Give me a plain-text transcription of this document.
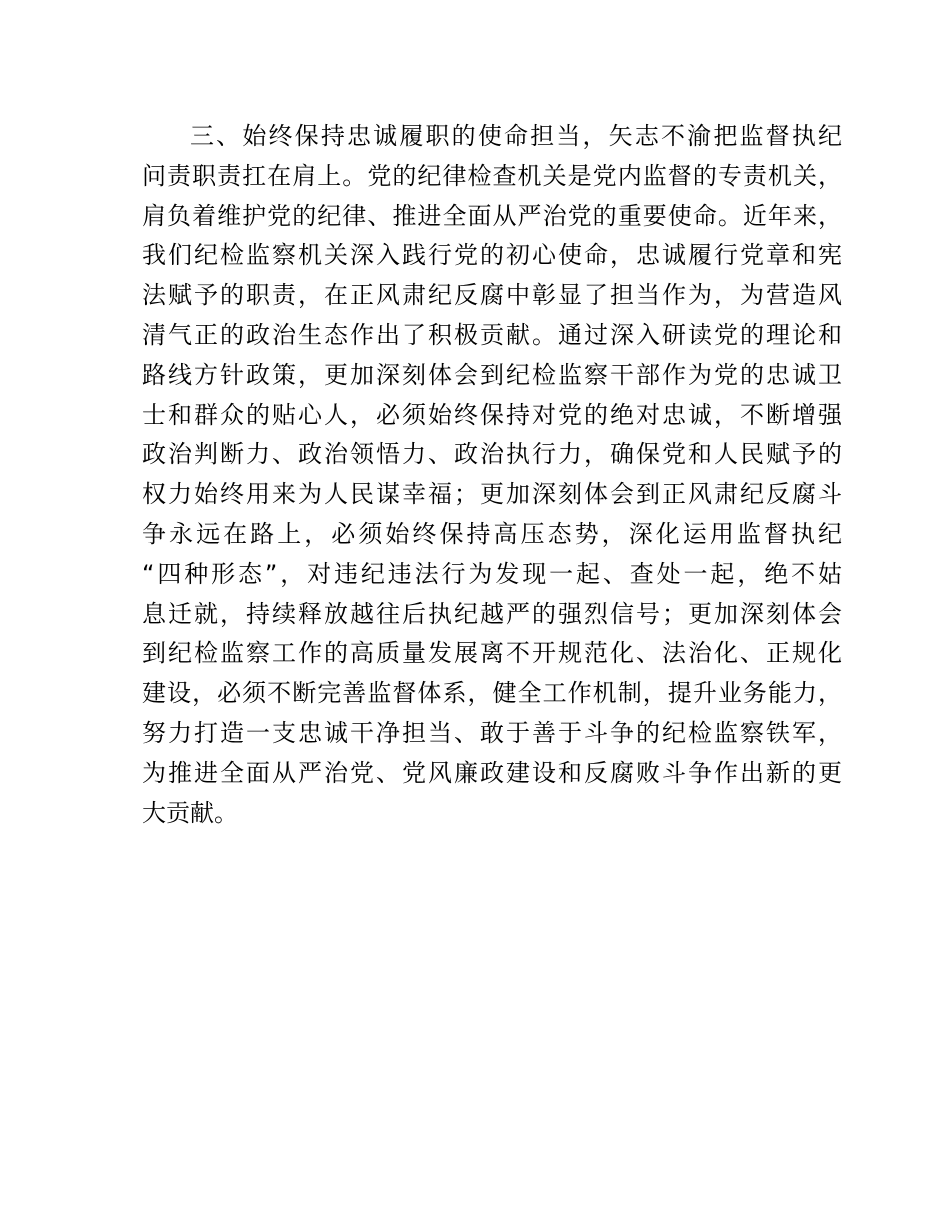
三、始终保持忠诚履职的使命担当，矢志不渝把监督执纪
问责职责扛在肩上。党的纪律检查机关是党内监督的专责机关，
肩负着维护党的纪律、推进全面从严治党的重要使命。近年来，
我们纪检监察机关深入践行党的初心使命，忠诚履行党章和宪
法赋予的职责，在正风肃纪反腐中彰显了担当作为，为营造风
清气正的政治生态作出了积极贡献。通过深入研读党的理论和
路线方针政策，更加深刻体会到纪检监察干部作为党的忠诚卫
士和群众的贴心人，必须始终保持对党的绝对忠诚，不断增强
政治判断力、政治领悟力、政治执行力，确保党和人民赋予的
权力始终用来为人民谋幸福；更加深刻体会到正风肃纪反腐斗
争永远在路上，必须始终保持高压态势，深化运用监督执纪
“四种形态”，对违纪违法行为发现一起、查处一起，绝不姑
息迁就，持续释放越往后执纪越严的强烈信号；更加深刻体会
到纪检监察工作的高质量发展离不开规范化、法治化、正规化
建设，必须不断完善监督体系，健全工作机制，提升业务能力，
努力打造一支忠诚干净担当、敢于善于斗争的纪检监察铁军，
为推进全面从严治党、党风廉政建设和反腐败斗争作出新的更
大贡献。
